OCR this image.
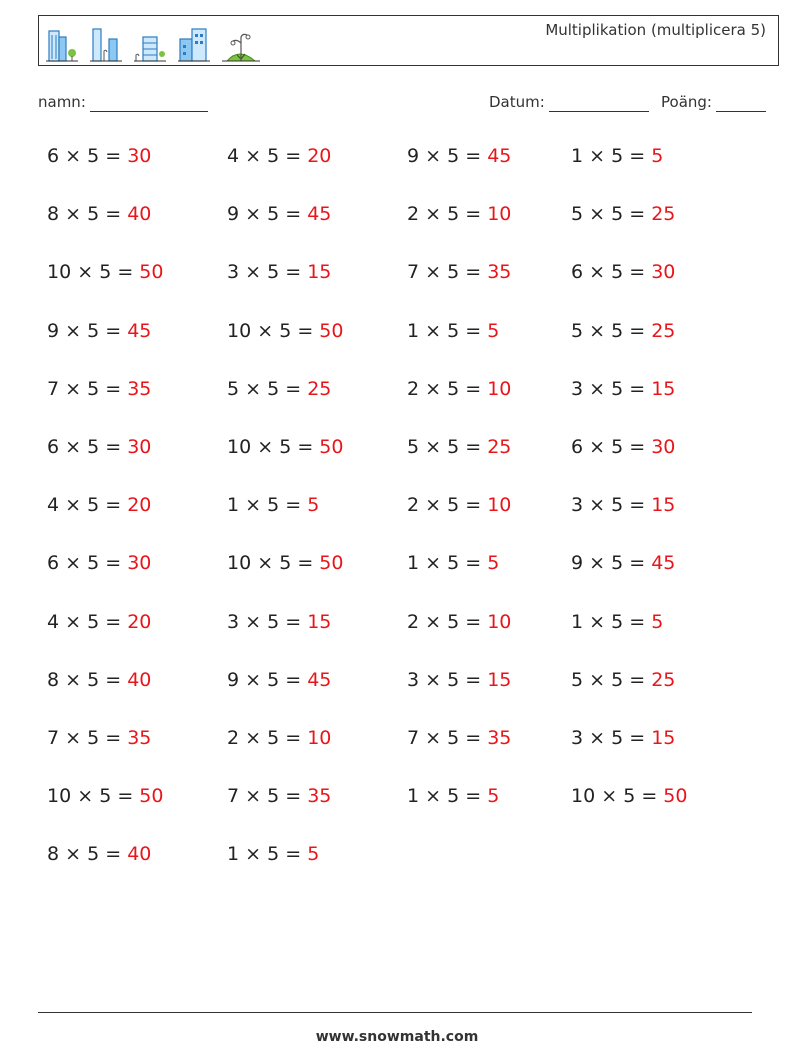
Multiplikation (multiplicera 5)
namn:	Datum:	Poäng:
6 × 5 = 30	4 × 5 = 20	9 × 5 = 45	1 × 5 = 5
8 × 5 = 40	9 × 5 = 45	2 × 5 = 10	5 × 5 = 25
10 × 5 = 50	3 × 5 = 15	7 × 5 = 35	6 × 5 = 30
9 × 5 = 45	10 × 5 = 50	1 × 5 = 5	5 × 5 = 25
7 × 5 = 35	5 × 5 = 25	2 × 5 = 10	3 × 5 = 15
6 × 5 = 30	10 × 5 = 50	5 × 5 = 25	6 × 5 = 30
4 × 5 = 20	1 × 5 = 5	2 × 5 = 10	3 × 5 = 15
6 × 5 = 30	10 × 5 = 50	1 × 5 = 5	9 × 5 = 45
4 × 5 = 20	3 × 5 = 15	2 × 5 = 10	1 × 5 = 5
8 × 5 = 40	9 × 5 = 45	3 × 5 = 15	5 × 5 = 25
7 × 5 = 35	2 × 5 = 10	7 × 5 = 35	3 × 5 = 15
10 × 5 = 50	7 × 5 = 35	1 × 5 = 5	10 × 5 = 50
8 × 5 = 40	1 × 5 = 5
www.snowmath.com
